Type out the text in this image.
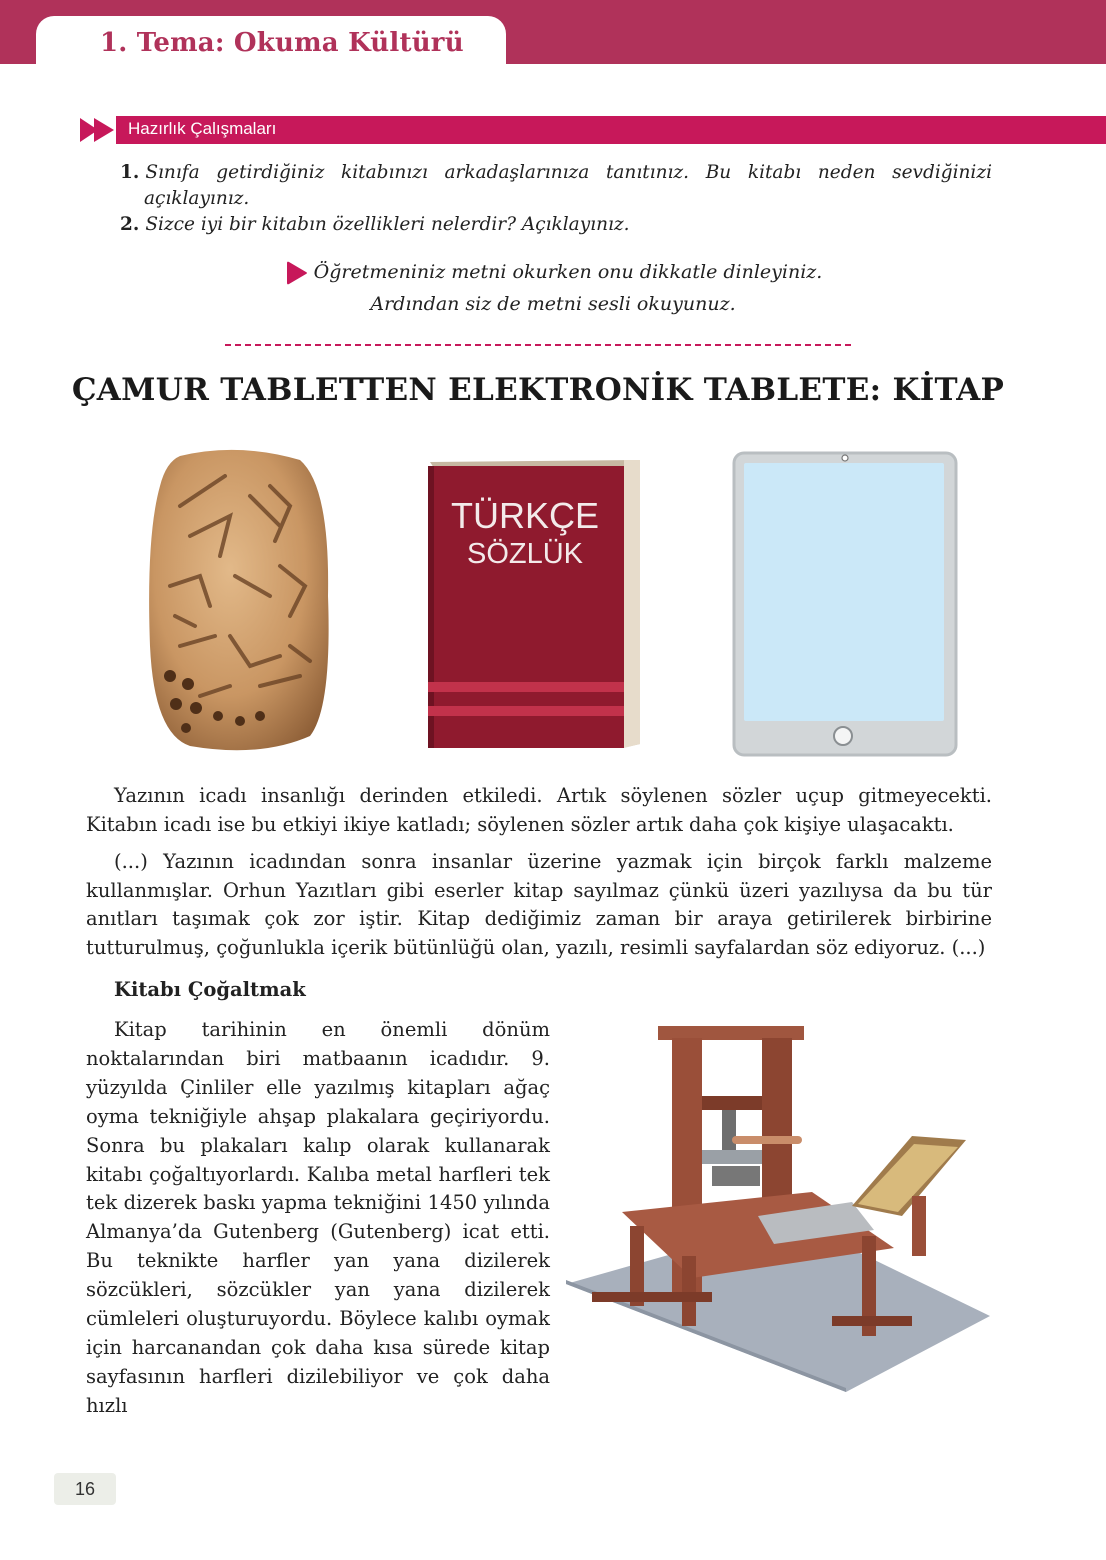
1. Tema: Okuma Kültürü
Hazırlık Çalışmaları
1. Sınıfa getirdiğiniz kitabınızı arkadaşlarınıza tanıtınız. Bu kitabı neden sevdiğinizi
açıklayınız.
2. Sizce iyi bir kitabın özellikleri nelerdir? Açıklayınız.
Öğretmeniniz metni okurken onu dikkatle dinleyiniz.
Ardından siz de metni sesli okuyunuz.
ÇAMUR TABLETTEN ELEKTRONİK TABLETE: KİTAP
TÜRKÇE
SÖZLÜK

Yazının icadı insanlığı derinden etkiledi. Artık söylenen sözler uçup gitmeyecekti. Kitabın icadı ise bu etkiyi ikiye katladı; söylenen sözler artık daha çok kişiye ulaşacaktı.

(...) Yazının icadından sonra insanlar üzerine yazmak için birçok farklı malzeme kullanmışlar. Orhun Yazıtları gibi eserler kitap sayılmaz çünkü üzeri yazılıysa da bu tür anıtları taşımak çok zor iştir. Kitap dediğimiz zaman bir araya getirilerek birbirine tutturulmuş, çoğunlukla içerik bütünlüğü olan, yazılı, resimli sayfalardan söz ediyoruz. (...)

Kitabı Çoğaltmak
Kitap tarihinin en önemli dönüm noktalarından biri matbaanın icadıdır. 9. yüzyılda Çinliler elle yazılmış kitapları ağaç oyma tekniğiyle ahşap plakalara geçiriyordu. Sonra bu plakaları kalıp olarak kullanarak kitabı çoğaltıyorlardı. Kalıba metal harfleri tek tek dizerek baskı yapma tekniğini 1450 yılında Almanya’da Gutenberg (Gutenberg) icat etti. Bu teknikte harfler yan yana dizilerek sözcükleri, sözcükler yan yana dizilerek cümleleri oluşturuyordu. Böylece kalıbı oymak için harcanandan çok daha kısa sürede kitap sayfasının harfleri dizilebiliyor ve çok daha hızlı
16
